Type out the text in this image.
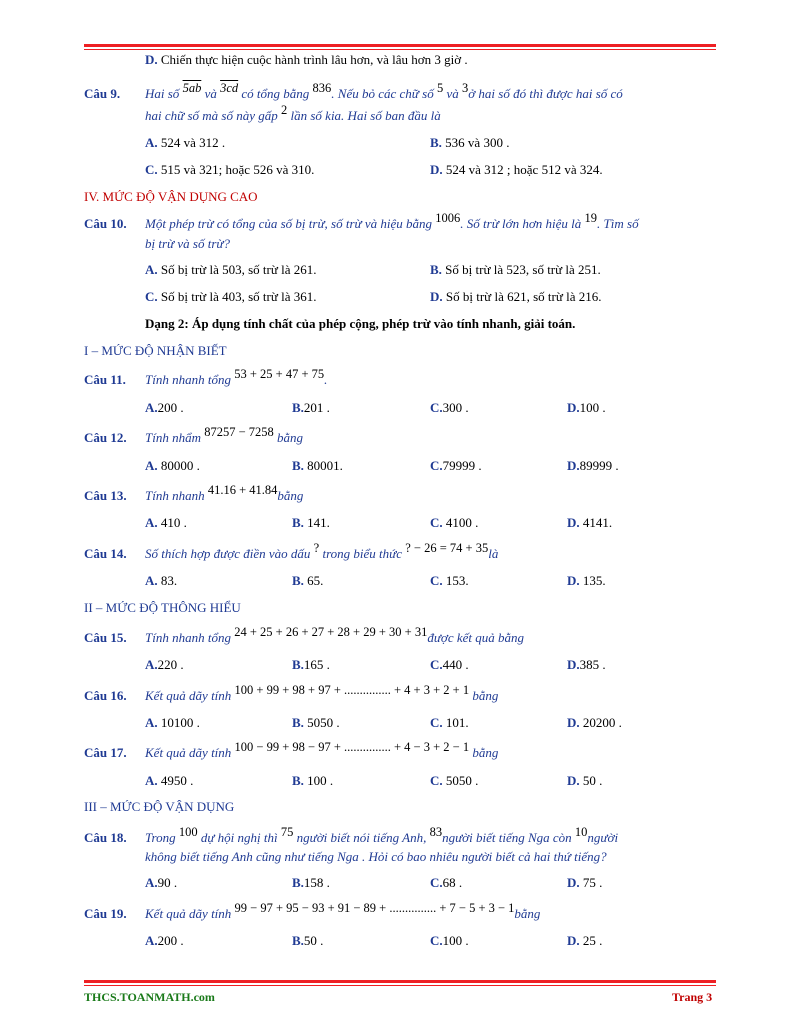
D. Chiến thực hiện cuộc hành trình lâu hơn, và lâu hơn 3 giờ .
Câu 9. Hai số 5ab và 3cd có tổng bằng 836. Nếu bỏ các chữ số 5 và 3ở hai số đó thì được hai số có
hai chữ số mà số này gấp 2 lần số kia. Hai số ban đầu là
A. 524 và 312 .	B. 536 và 300 .
C. 515 và 321; hoặc 526 và 310.	D. 524 và 312 ; hoặc 512 và 324.
IV. MỨC ĐỘ VẬN DỤNG CAO
Câu 10. Một phép trừ có tổng của số bị trừ, số trừ và hiệu bằng 1006. Số trừ lớn hơn hiệu là 19. Tìm số
bị trừ và số trừ?
A. Số bị trừ là 503, số trừ là 261.	B. Số bị trừ là 523, số trừ là 251.
C. Số bị trừ là 403, số trừ là 361.	D. Số bị trừ là 621, số trừ là 216.
Dạng 2: Áp dụng tính chất của phép cộng, phép trừ vào tính nhanh, giải toán.
I – MỨC ĐỘ NHẬN BIẾT
Câu 11. Tính nhanh tổng 53 + 25 + 47 + 75.
A.200 .	B.201 .	C.300 .	D.100 .
Câu 12. Tính nhẩm 87257 − 7258 bằng
A. 80000 .	B. 80001.	C.79999 .	D.89999 .
Câu 13. Tính nhanh 41.16 + 41.84bằng
A. 410 .	B. 141.	C. 4100 .	D. 4141.
Câu 14. Số thích hợp được điền vào dấu ? trong biểu thức ? − 26 = 74 + 35là
A. 83.	B. 65.	C. 153.	D. 135.
II – MỨC ĐỘ THÔNG HIỂU
Câu 15. Tính nhanh tổng 24 + 25 + 26 + 27 + 28 + 29 + 30 + 31được kết quả bằng
A.220 .	B.165 .	C.440 .	D.385 .
Câu 16. Kết quả dãy tính 100 + 99 + 98 + 97 + ............... + 4 + 3 + 2 + 1 bằng
A. 10100 .	B. 5050 .	C. 101.	D. 20200 .
Câu 17. Kết quả dãy tính 100 − 99 + 98 − 97 + ............... + 4 − 3 + 2 − 1 bằng
A. 4950 .	B. 100 .	C. 5050 .	D. 50 .
III – MỨC ĐỘ VẬN DỤNG
Câu 18. Trong 100 dự hội nghị thì 75 người biết nói tiếng Anh, 83người biết tiếng Nga còn 10người
không biết tiếng Anh cũng như tiếng Nga . Hỏi có bao nhiêu người biết cả hai thứ tiếng?
A.90 .	B.158 .	C.68 .	D. 75 .
Câu 19. Kết quả dãy tính 99 − 97 + 95 − 93 + 91 − 89 + ............... + 7 − 5 + 3 − 1bằng
A.200 .	B.50 .	C.100 .	D. 25 .
THCS.TOANMATH.com	Trang 3
